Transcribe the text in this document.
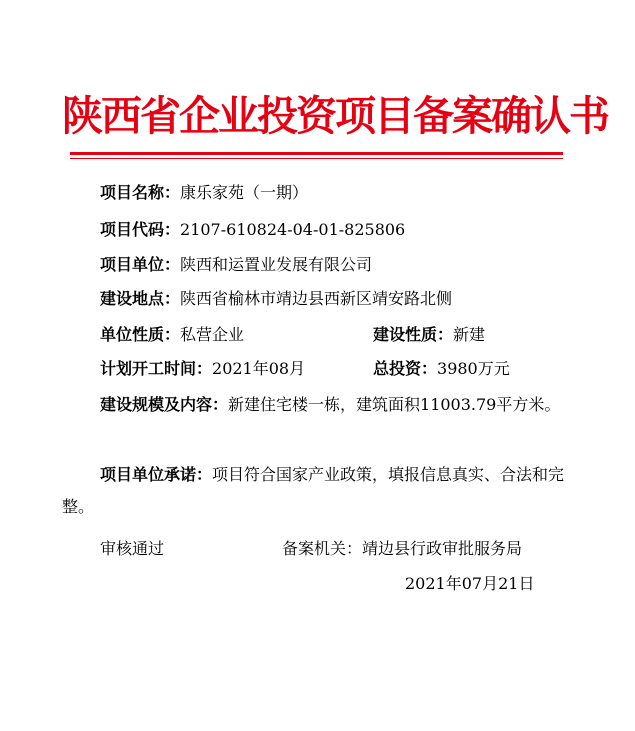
陕西省企业投资项目备案确认书
项目名称：康乐家苑（一期）
项目代码：2107-610824-04-01-825806
项目单位：陕西和运置业发展有限公司
建设地点：陕西省榆林市靖边县西新区靖安路北侧
单位性质：私营企业	建设性质：新建
计划开工时间：2021年08月	总投资：3980万元
建设规模及内容：新建住宅楼一栋，建筑面积11003.79平方米。
项目单位承诺：项目符合国家产业政策，填报信息真实、合法和完整。
审核通过	备案机关：靖边县行政审批服务局
2021年07月21日
